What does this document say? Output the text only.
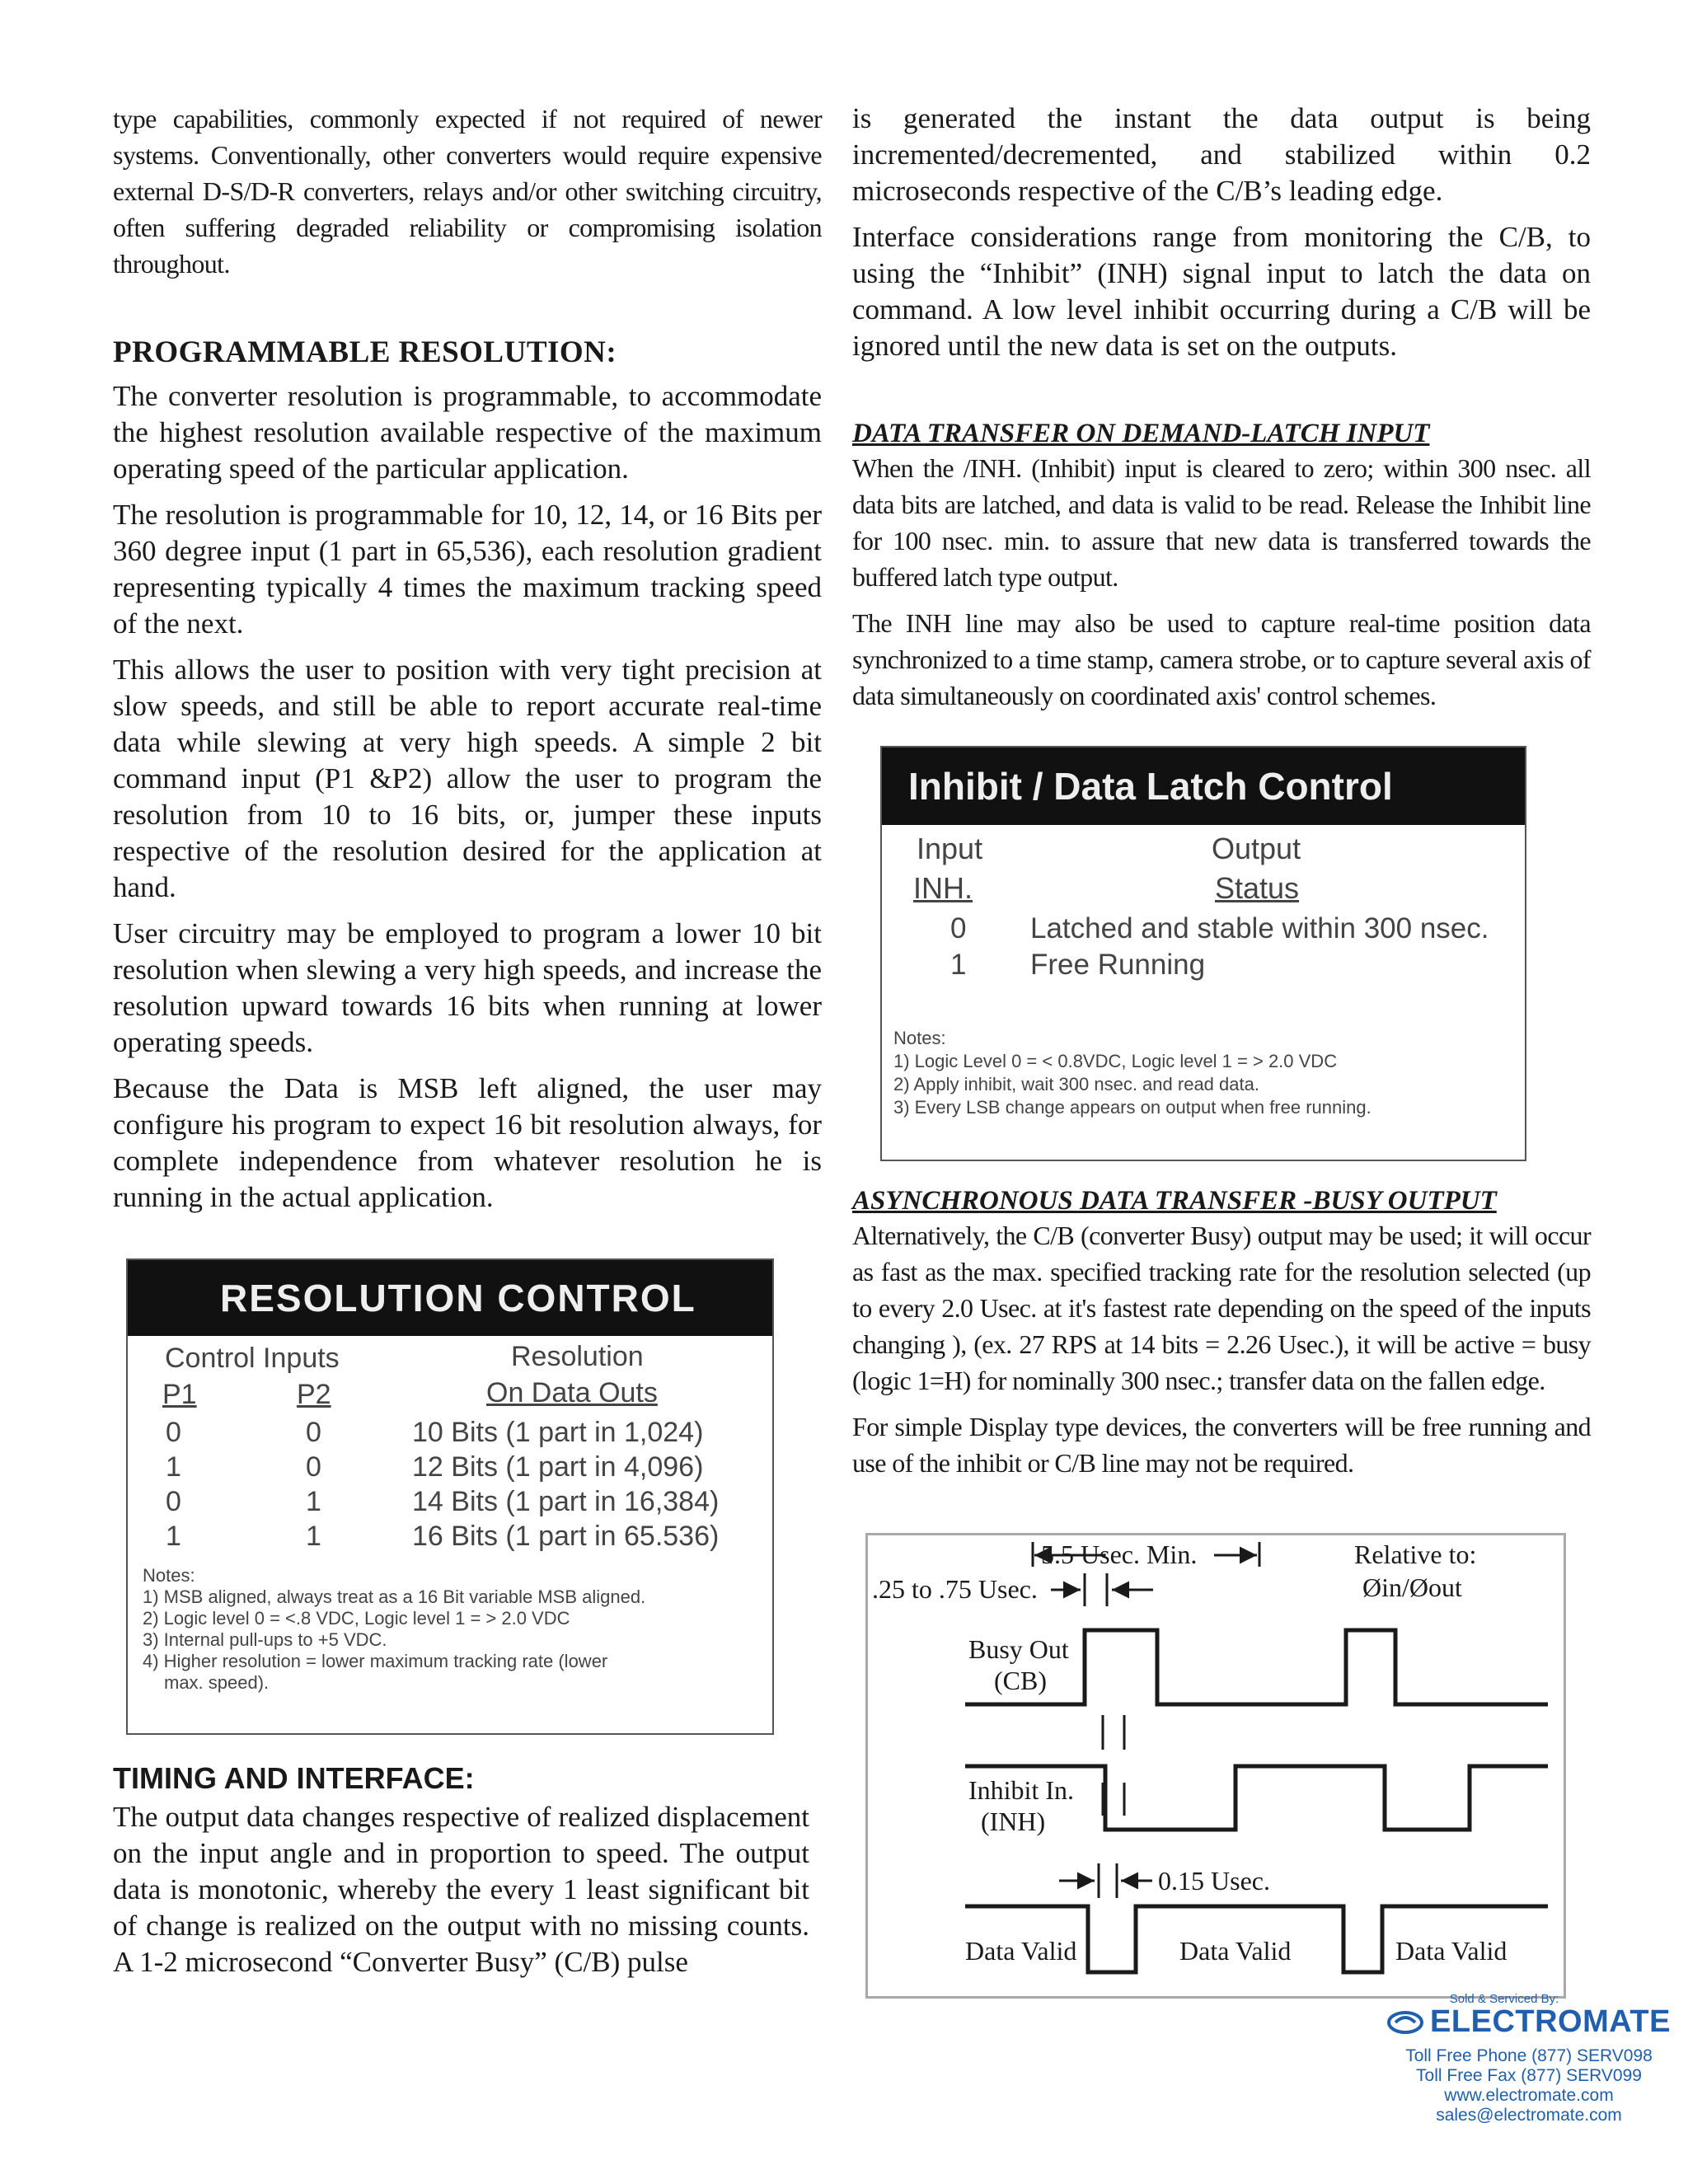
type capabilities, commonly expected if not required of newer systems. Conventionally, other converters would require expensive external D-S/D-R converters, relays and/or other switching circuitry, often suffering degraded reliability or compromising isolation throughout.

PROGRAMMABLE RESOLUTION:

The converter resolution is programmable, to accommodate the highest resolution available respective of the maximum operating speed of the particular application.

The resolution is programmable for 10, 12, 14, or 16 Bits per 360 degree input (1 part in 65,536), each resolution gradient representing typically 4 times the maximum tracking speed of the next.

This allows the user to position with very tight precision at slow speeds, and still be able to report accurate real-time data while slewing at very high speeds. A simple 2 bit command input (P1 &P2) allow the user to program the resolution from 10 to 16 bits, or, jumper these inputs respective of the resolution desired for the application at hand.

User circuitry may be employed to program a lower 10 bit resolution when slewing a very high speeds, and increase the resolution upward towards 16 bits when running at lower operating speeds.

Because the Data is MSB left aligned, the user may configure his program to expect 16 bit resolution always, for complete independence from whatever resolution he is running in the actual application.

RESOLUTION CONTROL
Control Inputs	Resolution
P1	P2	On Data Outs
0	0	10 Bits (1 part in 1,024)
1	0	12 Bits (1 part in 4,096)
0	1	14 Bits (1 part in 16,384)
1	1	16 Bits (1 part in 65.536)
Notes:
1) MSB aligned, always treat as a 16 Bit variable MSB aligned.
2) Logic level 0 = <.8 VDC, Logic level 1 = > 2.0 VDC
3) Internal pull-ups to +5 VDC.
4) Higher resolution = lower maximum tracking rate (lower
max. speed).
TIMING AND INTERFACE:

The output data changes respective of realized displacement on the input angle and in proportion to speed. The output data is monotonic, whereby the every 1 least significant bit of change is realized on the output with no missing counts. A 1-2 microsecond “Converter Busy” (C/B) pulse

is generated the instant the data output is being incremented/decremented, and stabilized within 0.2 microseconds respective of the C/B’s leading edge.

Interface considerations range from monitoring the C/B, to using the “Inhibit” (INH) signal input to latch the data on command. A low level inhibit occurring during a C/B will be ignored until the new data is set on the outputs.

DATA TRANSFER ON DEMAND-LATCH INPUT

When the /INH. (Inhibit) input is cleared to zero; within 300 nsec. all data bits are latched, and data is valid to be read. Release the Inhibit line for 100 nsec. min. to assure that new data is transferred towards the buffered latch type output.

The INH line may also be used to capture real-time position data synchronized to a time stamp, camera strobe, or to capture several axis of data simultaneously on coordinated axis' control schemes.

Inhibit / Data Latch Control
Input	Output
INH.	Status
0 Latched and stable within 300 nsec.
1 Free Running
Notes:
1) Logic Level 0 = < 0.8VDC, Logic level 1 = > 2.0 VDC
2) Apply inhibit, wait 300 nsec. and read data.
3) Every LSB change appears on output when free running.
ASYNCHRONOUS DATA TRANSFER -BUSY OUTPUT

Alternatively, the C/B (converter Busy) output may be used; it will occur as fast as the max. specified tracking rate for the resolution selected (up to every 2.0 Usec. at it's fastest rate depending on the speed of the inputs changing ), (ex. 27 RPS at 14 bits = 2.26 Usec.), it will be active = busy (logic 1=H) for nominally 300 nsec.; transfer data on the fallen edge.

For simple Display type devices, the converters will be free running and use of the inhibit or C/B line may not be required.

5.5 Usec. Min.	Relative to:
Øin/Øout
.25 to .75 Usec.
Busy Out
(CB)
Inhibit In.
(INH)
0.15 Usec.
Data Valid	Data Valid	Data Valid
Sold & Serviced By:
ELECTROMATE
Toll Free Phone (877) SERV098
Toll Free Fax (877) SERV099
www.electromate.com
sales@electromate.com
